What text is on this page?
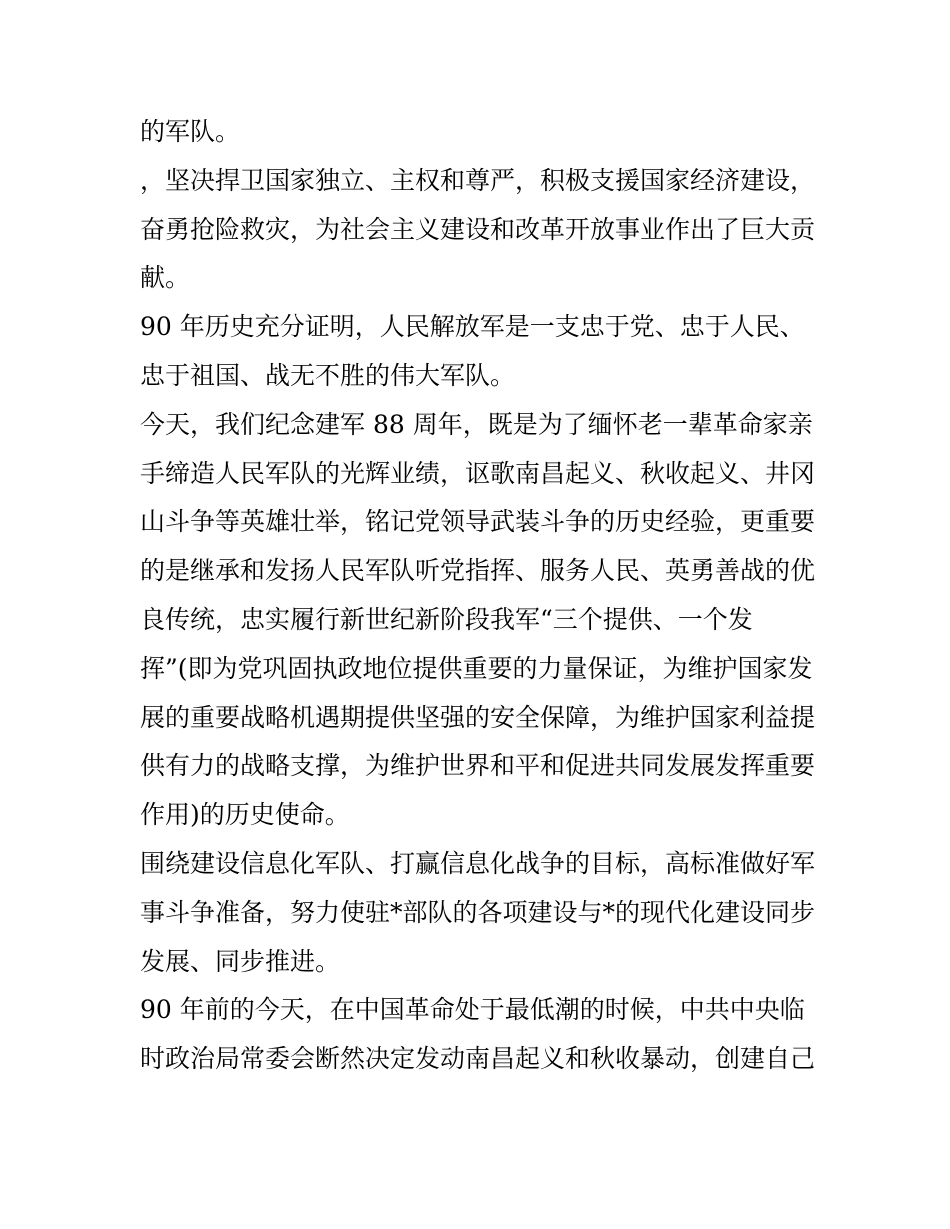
的军队。
，坚决捍卫国家独立、主权和尊严，积极支援国家经济建设，
奋勇抢险救灾，为社会主义建设和改革开放事业作出了巨大贡
献。
90 年历史充分证明，人民解放军是一支忠于党、忠于人民、
忠于祖国、战无不胜的伟大军队。
今天，我们纪念建军 88 周年，既是为了缅怀老一辈革命家亲
手缔造人民军队的光辉业绩，讴歌南昌起义、秋收起义、井冈
山斗争等英雄壮举，铭记党领导武装斗争的历史经验，更重要
的是继承和发扬人民军队听党指挥、服务人民、英勇善战的优
良传统，忠实履行新世纪新阶段我军“三个提供、一个发
挥”(即为党巩固执政地位提供重要的力量保证，为维护国家发
展的重要战略机遇期提供坚强的安全保障，为维护国家利益提
供有力的战略支撑，为维护世界和平和促进共同发展发挥重要
作用)的历史使命。
围绕建设信息化军队、打赢信息化战争的目标，高标准做好军
事斗争准备，努力使驻*部队的各项建设与*的现代化建设同步
发展、同步推进。
90 年前的今天，在中国革命处于最低潮的时候，中共中央临
时政治局常委会断然决定发动南昌起义和秋收暴动，创建自己
